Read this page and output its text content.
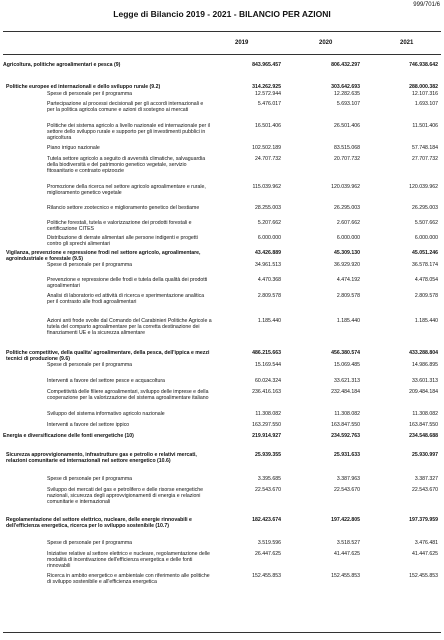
999/701/6
Legge di Bilancio 2019 - 2021 - BILANCIO PER AZIONI
2019	2020	2021
Agricoltura, politiche agroalimentari e pesca (9)	843.965.457	806.432.297	746.938.642
Politiche europee ed internazionali e dello sviluppo rurale (9.2)	314.262.925	303.642.693	288.000.382
Spese di personale per il programma	12.572.944	12.282.635	12.107.316
Partecipazione al processi decisionali per gli accordi internazionali e per la politica agricola comune e azioni di sostegno ai mercati
5.476.017	5.693.107	1.693.107
Politiche dei sistema agricolo a livello nazionale ed internazionale per il settore dello sviluppo rurale e supporto per gli investimenti pubblici in agricoltura
16.501.406	26.501.406	11.501.406
Piano irriguo nazionale	102.502.189	83.515.068	57.748.184
Tutela settore agricolo a seguito di avversità climatiche, salvaguardia della biodiversità e del patrimonio genetico vegetale, servizio fitosanitario e contrasto epizoozie
24.707.732	20.707.732	27.707.732
Promozione della ricerca nel settore agricolo agroalimentare e rurale, miglioramento genetico vegetale
115.039.962	120.039.962	120.039.962
Rilancio settore zootecnico e miglioramento genetico del bestiame	28.255.003	26.295.003	26.295.003
Politiche forestali, tutela e valorizzazione dei prodotti forestali e certificazione CITES
5.207.662	2.607.662	5.507.662
Distribuzione di derrate alimentari alle persone indigenti e progetti contro gli sprechi alimentari
6.000.000	6.000.000	6.000.000
Vigilanza, prevenzione e repressione frodi nel settore agricolo, agroalimentare, agroindustriale e forestale (9.5)
43.426.889	45.309.130	45.051.246
Spese di personale per il programma	34.961.513	36.929.920	36.578.174
Prevenzione e repressione delle frodi e tutela della qualità dei prodotti agroalimentari
4.470.368	4.474.192	4.478.054
Analisi di laboratorio ed attività di ricerca e sperimentazione analitica per il contrasto alle frodi agroalimentari
2.809.578	2.809.578	2.809.578
Azioni anti frode svolte dal Comando del Carabinieri Politiche Agricole a tutela del comparto agroalimentare per la corretta destinazione dei finanziamenti UE e la sicurezza alimentare
1.185.440	1.185.440	1.185.440
Politiche competitive, della qualita' agroalimentare, della pesca, dell'ippica e mezzi tecnici di produzione (9.6)
486.215.663	456.380.574	433.288.804
Spese di personale per il programma	15.169.544	15.069.485	14.986.895
Interventi a favore del settore pesce e acquacoltura	60.024.324	33.621.313	33.601.313
Competitività delle filiere agroalimentari, sviluppo delle imprese e della cooperazione per la valorizzazione del sistema agroalimentare italiano
236.416.163	232.484.184	209.484.184
Sviluppo del sistema informativo agricolo nazionale	11.308.082	11.308.082	11.308.082
Interventi a favore del settore ippico	163.297.550	163.847.550	163.847.550
Energia e diversificazione delle fonti energetiche (10)	219.914.927	234.592.763	234.548.688
Sicurezza approvvigionamento, infrastrutture gas e petrolio e relativi mercati, relazioni comunitarie ed internazionali nel settore energetico (10.6)
25.939.355	25.931.633	25.930.997
Spese di personale per il programma	3.395.685	3.387.963	3.387.327
Sviluppo dei mercati del gas e petrolifero e delle risorse energetiche nazionali, sicurezza degli approvvigionamenti di energia e relazioni comunitarie e internazionali
22.543.670	22.543.670	22.543.670
Regolamentazione del settore elettrico, nucleare, delle energie rinnovabili e dell'efficienza energetica, ricerca per lo sviluppo sostenibile (10.7)
182.423.674	197.422.805	197.379.959
Spese di personale per il programma	3.519.596	3.518.527	3.476.481
Iniziative relative al settore elettrico e nucleare, regolamentazione delle modalità di incentivazione dell'efficienza energetica e delle fonti rinnovabili
26.447.625	41.447.625	41.447.625
Ricerca in ambito energetico e ambientale con riferimento alle politiche di sviluppo sostenibile e all'efficienza energetica
152.455.853	152.455.853	152.455.853
